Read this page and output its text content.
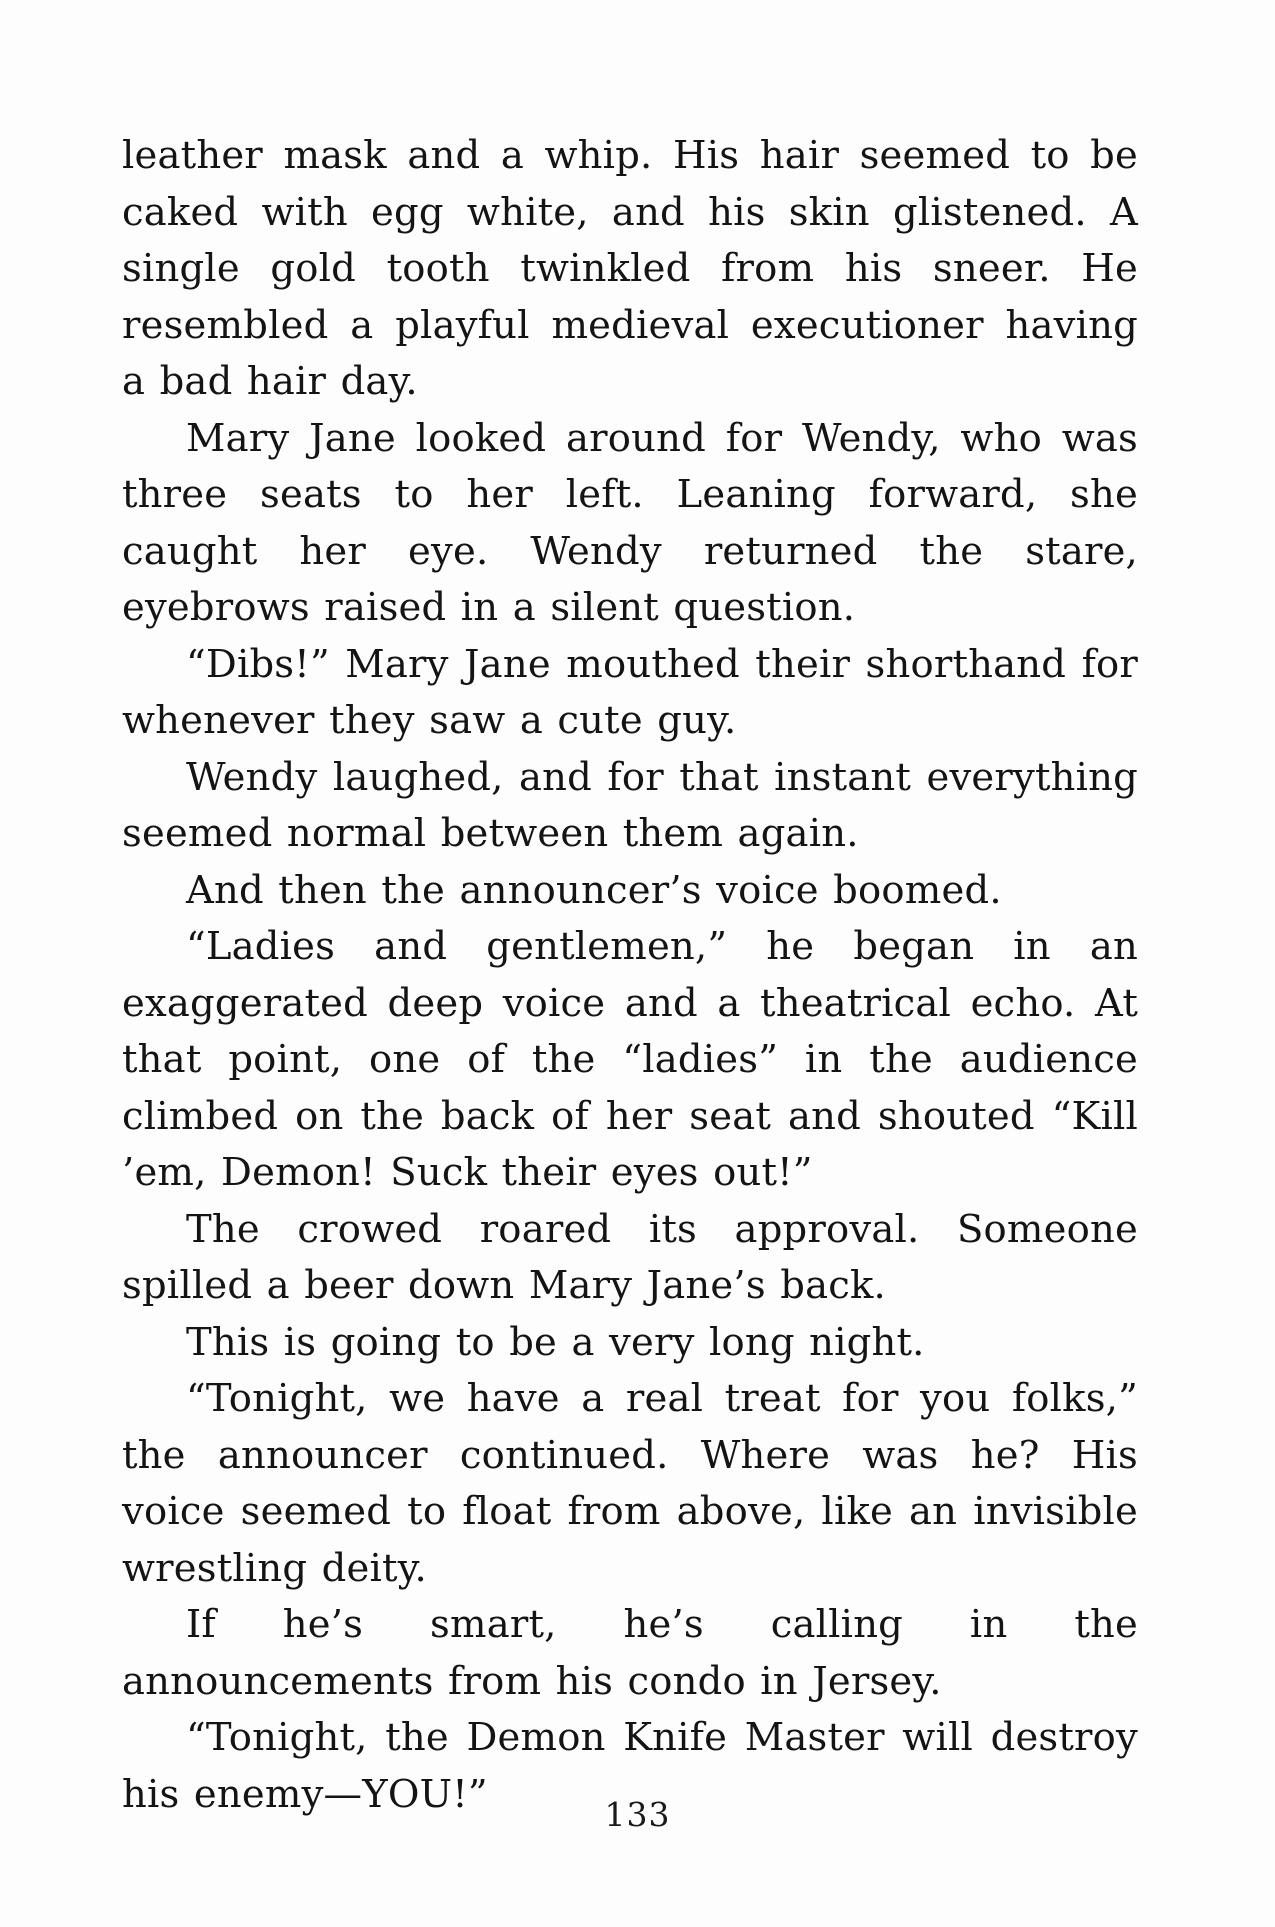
leather mask and a whip. His hair seemed to be caked with egg white, and his skin glistened. A single gold tooth twinkled from his sneer. He resembled a playful medieval executioner having a bad hair day.

Mary Jane looked around for Wendy, who was three seats to her left. Leaning forward, she caught her eye. Wendy returned the stare, eyebrows raised in a silent question.

“Dibs!” Mary Jane mouthed their shorthand for whenever they saw a cute guy.

Wendy laughed, and for that instant everything seemed normal between them again.

And then the announcer’s voice boomed.

“Ladies and gentlemen,” he began in an exaggerated deep voice and a theatrical echo. At that point, one of the “ladies” in the audience climbed on the back of her seat and shouted “Kill ’em, Demon! Suck their eyes out!”

The crowed roared its approval. Someone spilled a beer down Mary Jane’s back.

This is going to be a very long night.

“Tonight, we have a real treat for you folks,” the announcer continued. Where was he? His voice seemed to float from above, like an invisible wrestling deity.

If he’s smart, he’s calling in the announcements from his condo in Jersey.

“Tonight, the Demon Knife Master will destroy his enemy—YOU!”	133
